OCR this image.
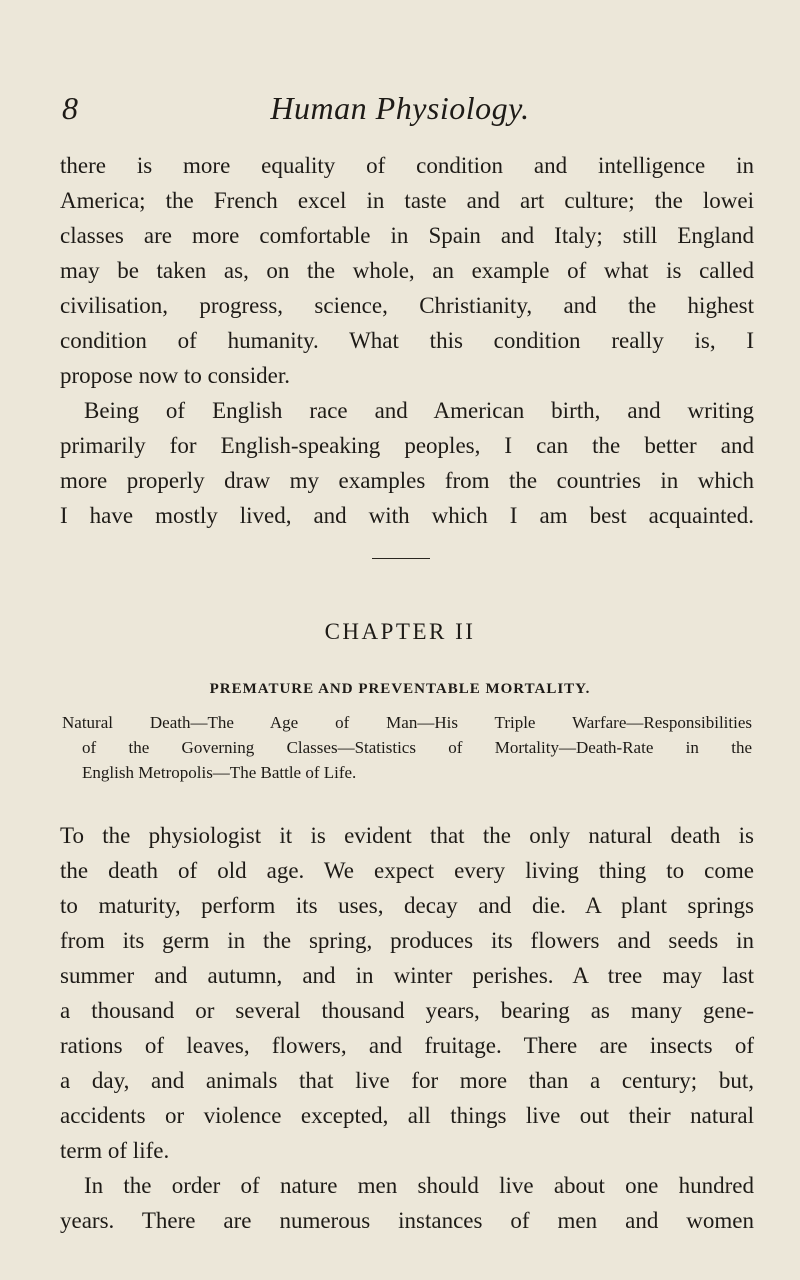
8	Human Physiology.
there is more equality of condition and intelligence in
America; the French excel in taste and art culture; the lowei
classes are more comfortable in Spain and Italy; still England
may be taken as, on the whole, an example of what is called
civilisation, progress, science, Christianity, and the highest
condition of humanity. What this condition really is, I
propose now to consider.
Being of English race and American birth, and writing
primarily for English-speaking peoples, I can the better and
more properly draw my examples from the countries in which
I have mostly lived, and with which I am best acquainted.
CHAPTER II
PREMATURE AND PREVENTABLE MORTALITY.
Natural Death—The Age of Man—His Triple Warfare—Responsibilities
of the Governing Classes—Statistics of Mortality—Death-Rate in the
English Metropolis—The Battle of Life.
To the physiologist it is evident that the only natural death is
the death of old age. We expect every living thing to come
to maturity, perform its uses, decay and die. A plant springs
from its germ in the spring, produces its flowers and seeds in
summer and autumn, and in winter perishes. A tree may last
a thousand or several thousand years, bearing as many gene-
rations of leaves, flowers, and fruitage. There are insects of
a day, and animals that live for more than a century; but,
accidents or violence excepted, all things live out their natural
term of life.
In the order of nature men should live about one hundred
years. There are numerous instances of men and women
